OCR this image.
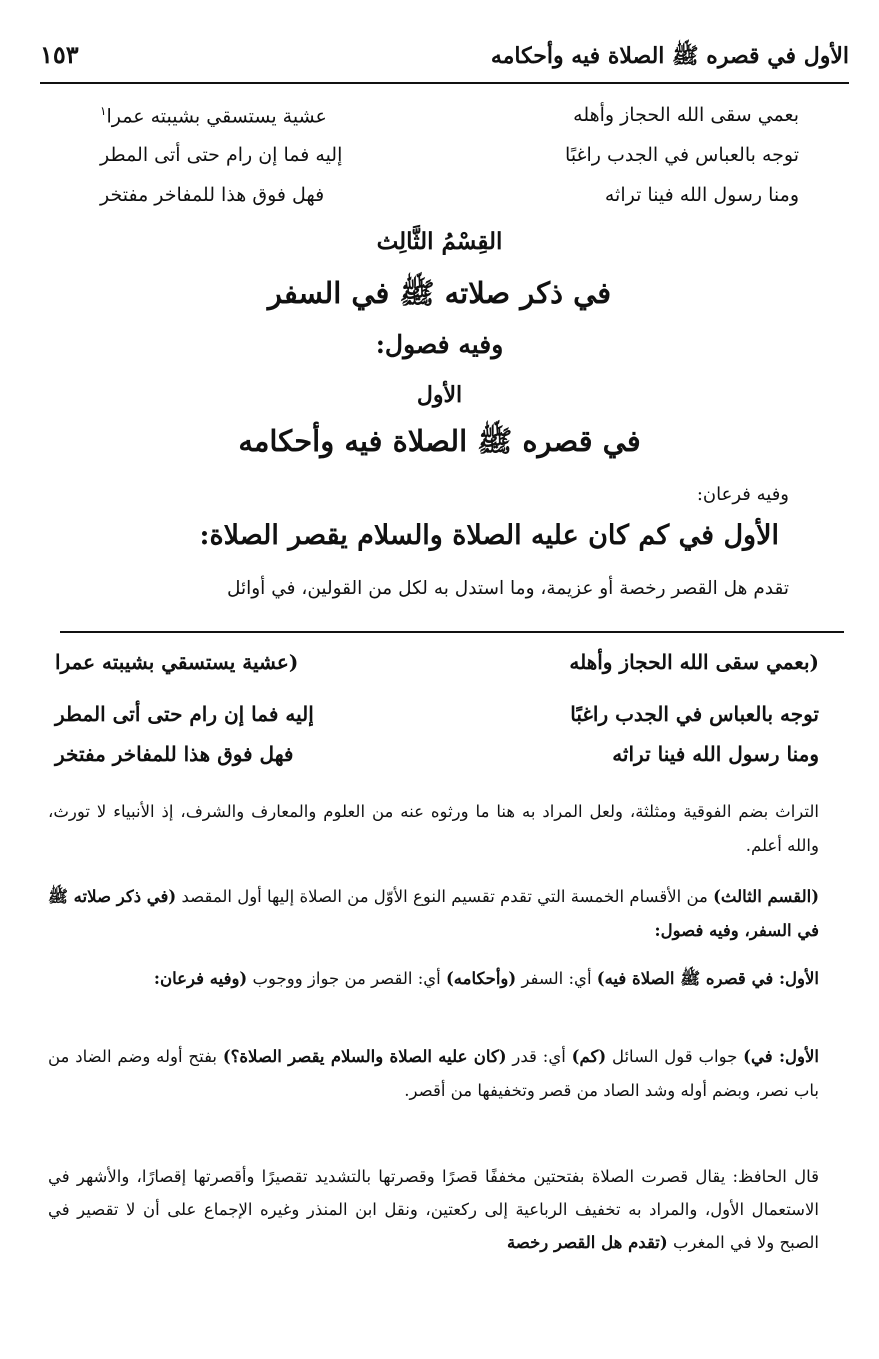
الأول في قصره ﷺ الصلاة فيه وأحكامه
١٥٣
بعمي سقى الله الحجاز وأهله
عشية يستسقي بشيبته عمرا$^١$
توجه بالعباس في الجدب راغبًا
إليه فما إن رام حتى أتى المطر
ومنا رسول الله فينا تراثه
فهل فوق هذا للمفاخر مفتخر
القِسْمُ الثَّالِث
في ذكر صلاته ﷺ في السفر
وفيه فصول:
الأول
في قصره ﷺ الصلاة فيه وأحكامه
وفيه فرعان:
الأول في كم كان عليه الصلاة والسلام يقصر الصلاة:
تقدم هل القصر رخصة أو عزيمة، وما استدل به لكل من القولين، في أوائل
(بعمي سقى الله الحجاز وأهله
(عشية يستسقي بشيبته عمرا
توجه بالعباس في الجدب راغبًا
إليه فما إن رام حتى أتى المطر
ومنا رسول الله فينا تراثه
فهل فوق هذا للمفاخر مفتخر
التراث بضم الفوقية ومثلثة، ولعل المراد به هنا ما ورثوه عنه من العلوم والمعارف والشرف، إذ الأنبياء لا تورث، والله أعلم.
(القسم الثالث) من الأقسام الخمسة التي تقدم تقسيم النوع الأوّل من الصلاة إليها أول المقصد (في ذكر صلاته ﷺ في السفر، وفيه فصول:
الأول: في قصره ﷺ الصلاة فيه) أي: السفر (وأحكامه) أي: القصر من جواز ووجوب (وفيه فرعان:
الأول: في) جواب قول السائل (كم) أي: قدر (كان عليه الصلاة والسلام يقصر الصلاة؟) بفتح أوله وضم الضاد من باب نصر، وبضم أوله وشد الصاد من قصر وتخفيفها من أقصر.
قال الحافظ: يقال قصرت الصلاة بفتحتين مخففًا قصرًا وقصرتها بالتشديد تقصيرًا وأقصرتها إقصارًا، والأشهر في الاستعمال الأول، والمراد به تخفيف الرباعية إلى ركعتين، ونقل ابن المنذر وغيره الإجماع على أن لا تقصير في الصبح ولا في المغرب (تقدم هل القصر رخصة
